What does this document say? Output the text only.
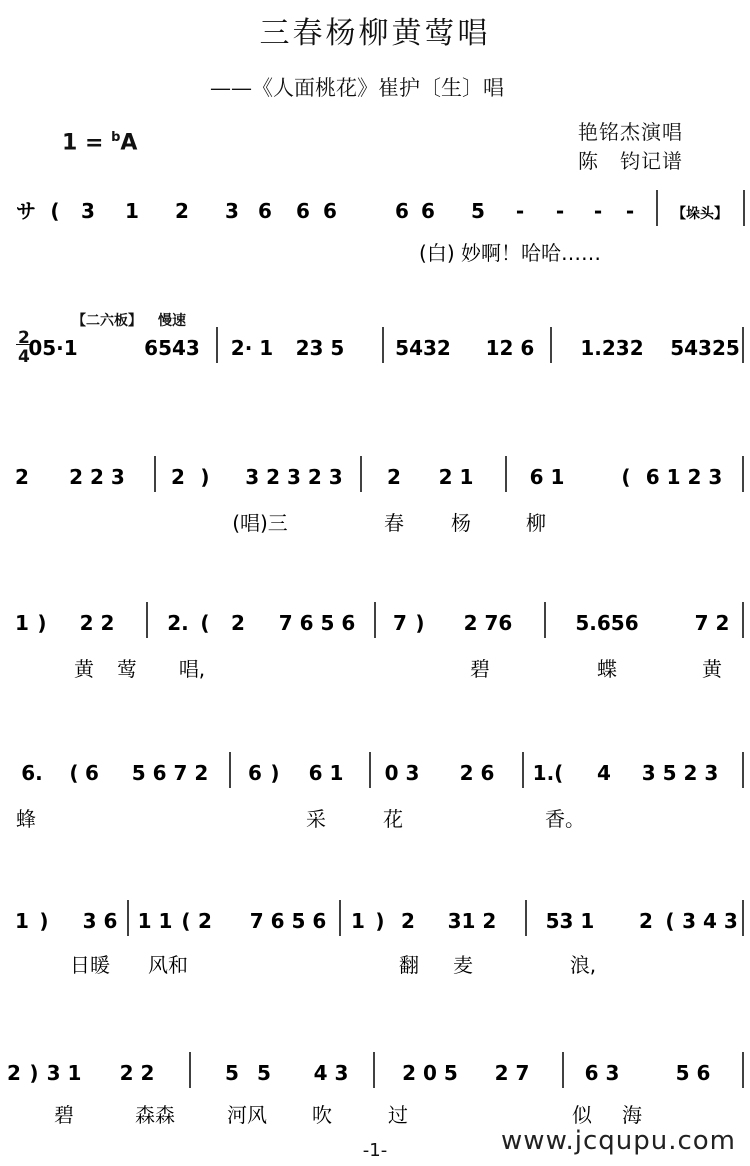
三春杨柳黄莺唱
——《人面桃花》崔护〔生〕唱
艳铭杰演唱
陈　钧记谱
1 = $^b$A
【二六板】 慢速
2
4
サ ( 3 1 2 3 6 6 6	6 6 5 - - - -	【垛头】
(白) 妙啊！哈哈……
05·1	6543 2· 1 23 5	5432 12 6 1.232 54325
2 2 2 3 2 ) 3 2 3 2 3 2 2 1	6 1	( 6 1 2 3
(唱)三	春 杨	柳
1 ) 2 2	2. ( 2 7 6 5 6 7 ) 2 76	5.656	7 2
黄 莺 唱,	碧	蝶	黄
6. ( 6 5 6 7 2 6 ) 6 1 0 3 2 6 1.( 4 3 5 2 3
蜂	采	花	香。
1 ) 3 6 1 1 ( 2 7 6 5 6 1 ) 2 31 2 53 1 2 ( 3 4 3
日暖 风和	翻 麦	浪,
2 ) 3 1 2 2	5 5 4 3	2 0 5 2 7	6 3	5 6
碧	森森	河风 吹	过	似 海
-1-	www.jcqupu.com
